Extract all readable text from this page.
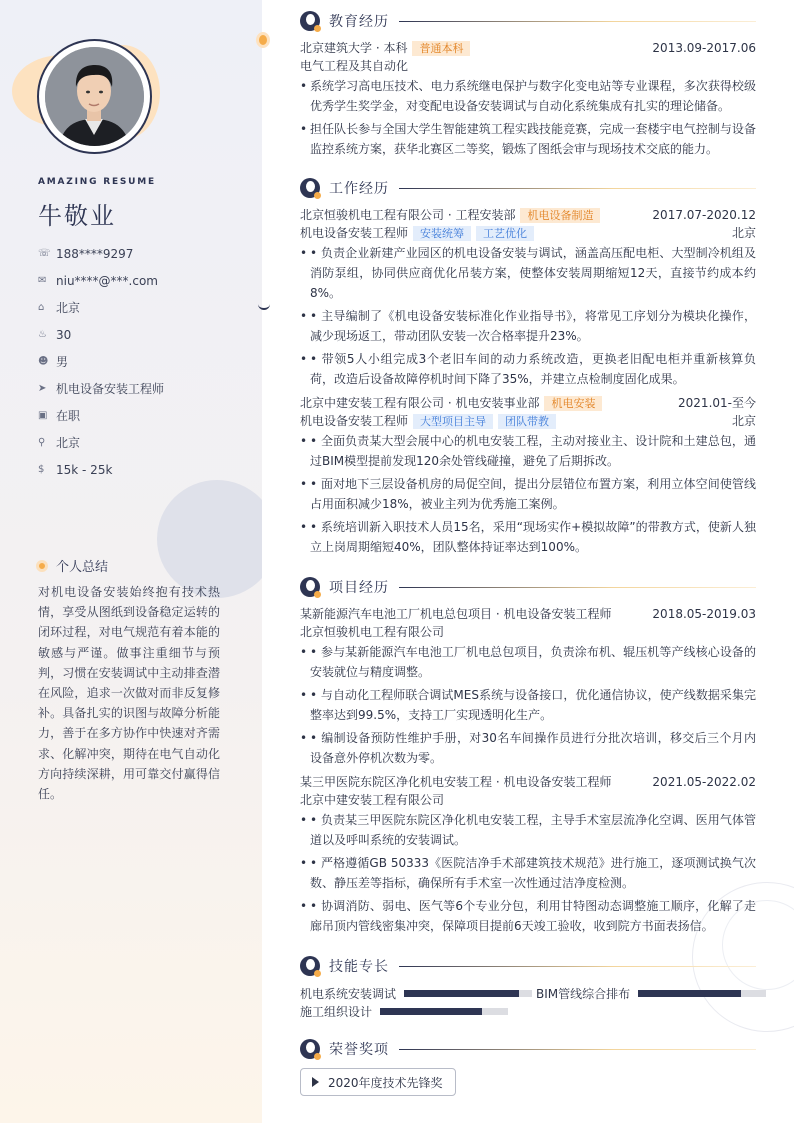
AMAZING RESUME
牛敬业
☏ 188****9297
✉ niu****@***.com
⌂ 北京
♨ 30
☻ 男
➤ 机电设备安装工程师
▣ 在职
⚲ 北京
$ 15k - 25k
个人总结
对机电设备安装始终抱有技术热情，享受从图纸到设备稳定运转的闭环过程，对电气规范有着本能的敏感与严谨。做事注重细节与预判，习惯在安装调试中主动排查潜在风险，追求一次做对而非反复修补。具备扎实的识图与故障分析能力，善于在多方协作中快速对齐需求、化解冲突，期待在电气自动化方向持续深耕，用可靠交付赢得信任。
教育经历
北京建筑大学 · 本科	普通本科	2013.09-2017.06
电气工程及其自动化
• 系统学习高电压技术、电力系统继电保护与数字化变电站等专业课程，多次获得校级优秀学生奖学金，对变配电设备安装调试与自动化系统集成有扎实的理论储备。
• 担任队长参与全国大学生智能建筑工程实践技能竞赛，完成一套楼宇电气控制与设备监控系统方案，获华北赛区二等奖，锻炼了图纸会审与现场技术交底的能力。
工作经历
北京恒骏机电工程有限公司 · 工程安装部	机电设备制造	2017.07-2020.12
机电设备安装工程师	安装统筹	工艺优化	北京
• • 负责企业新建产业园区的机电设备安装与调试，涵盖高压配电柜、大型制冷机组及消防泵组，协同供应商优化吊装方案，使整体安装周期缩短12天，直接节约成本约8%。
• • 主导编制了《机电设备安装标准化作业指导书》，将常见工序划分为模块化操作，减少现场返工，带动团队安装一次合格率提升23%。
• • 带领5人小组完成3个老旧车间的动力系统改造，更换老旧配电柜并重新核算负荷，改造后设备故障停机时间下降了35%，并建立点检制度固化成果。
北京中建安装工程有限公司 · 机电安装事业部	机电安装	2021.01-至今
机电设备安装工程师	大型项目主导	团队带教	北京
• • 全面负责某大型会展中心的机电安装工程，主动对接业主、设计院和土建总包，通过BIM模型提前发现120余处管线碰撞，避免了后期拆改。
• • 面对地下三层设备机房的局促空间，提出分层错位布置方案，利用立体空间使管线占用面积减少18%，被业主列为优秀施工案例。
• • 系统培训新入职技术人员15名，采用“现场实作+模拟故障”的带教方式，使新人独立上岗周期缩短40%，团队整体持证率达到100%。
项目经历
某新能源汽车电池工厂机电总包项目 · 机电设备安装工程师	2018.05-2019.03
北京恒骏机电工程有限公司
• • 参与某新能源汽车电池工厂机电总包项目，负责涂布机、辊压机等产线核心设备的安装就位与精度调整。
• • 与自动化工程师联合调试MES系统与设备接口，优化通信协议，使产线数据采集完整率达到99.5%，支持工厂实现透明化生产。
• • 编制设备预防性维护手册，对30名车间操作员进行分批次培训，移交后三个月内设备意外停机次数为零。
某三甲医院东院区净化机电安装工程 · 机电设备安装工程师	2021.05-2022.02
北京中建安装工程有限公司
• • 负责某三甲医院东院区净化机电安装工程，主导手术室层流净化空调、医用气体管道以及呼叫系统的安装调试。
• • 严格遵循GB 50333《医院洁净手术部建筑技术规范》进行施工，逐项测试换气次数、静压差等指标，确保所有手术室一次性通过洁净度检测。
• • 协调消防、弱电、医气等6个专业分包，利用甘特图动态调整施工顺序，化解了走廊吊顶内管线密集冲突，保障项目提前6天竣工验收，收到院方书面表扬信。
技能专长
机电系统安装调试	BIM管线综合排布
施工组织设计
荣誉奖项
2020年度技术先锋奖
